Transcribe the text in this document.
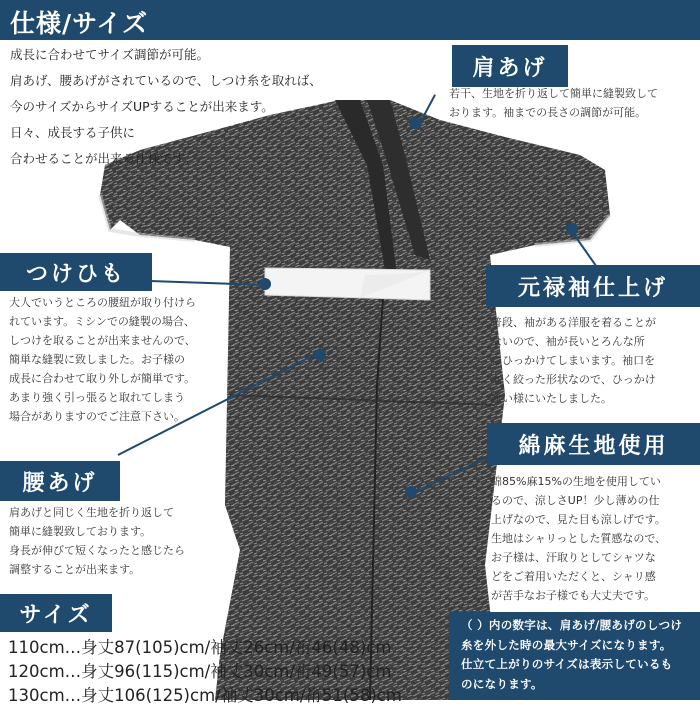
仕様/サイズ

成長に合わせてサイズ調節が可能。

肩あげ、腰あげがされているので、しつけ糸を取れば、

今のサイズからサイズUPすることが出来ます。

日々、成長する子供に

合わせることが出来る仕様です。

肩あげ

若干、生地を折り返して簡単に縫製致して

おります。袖までの長さの調節が可能。

つけひも

大人でいうところの腰紐が取り付けら

れています。ミシンでの縫製の場合、

しつけを取ることが出来ませんので、

簡単な縫製に致しました。お子様の

成長に合わせて取り外しが簡単です。

あまり強く引っ張ると取れてしまう

場合がありますのでご注意下さい。

元禄袖仕上げ

普段、袖がある洋服を着ることが

ないので、袖が長いとろんな所

にひっかけてしまいます。袖口を

丸く絞った形状なので、ひっかけ

難い様にいたしました。

綿麻生地使用

綿85%麻15%の生地を使用してい

るので、涼しさUP！少し薄めの仕

上げなので、見た目も涼しげです。

生地はシャリっとした質感なので、

お子様は、汗取りとしてシャツな

どをご着用いただくと、シャリ感

が苦手なお子様でも大丈夫です。

腰あげ

肩あげと同じく生地を折り返して

簡単に縫製致しております。

身長が伸びて短くなったと感じたら

調整することが出来ます。

サイズ

110cm…身丈87(105)cm/袖丈26cm/裄46(48)cm

120cm…身丈96(115)cm/袖丈30cm/裄49(57)cm

130cm…身丈106(125)cm/袖丈30cm/裄51(58)cm

（ ）内の数字は、肩あげ/腰あげのしつけ

糸を外した時の最大サイズになります。

仕立て上がりのサイズは表示しているも

のになります。
